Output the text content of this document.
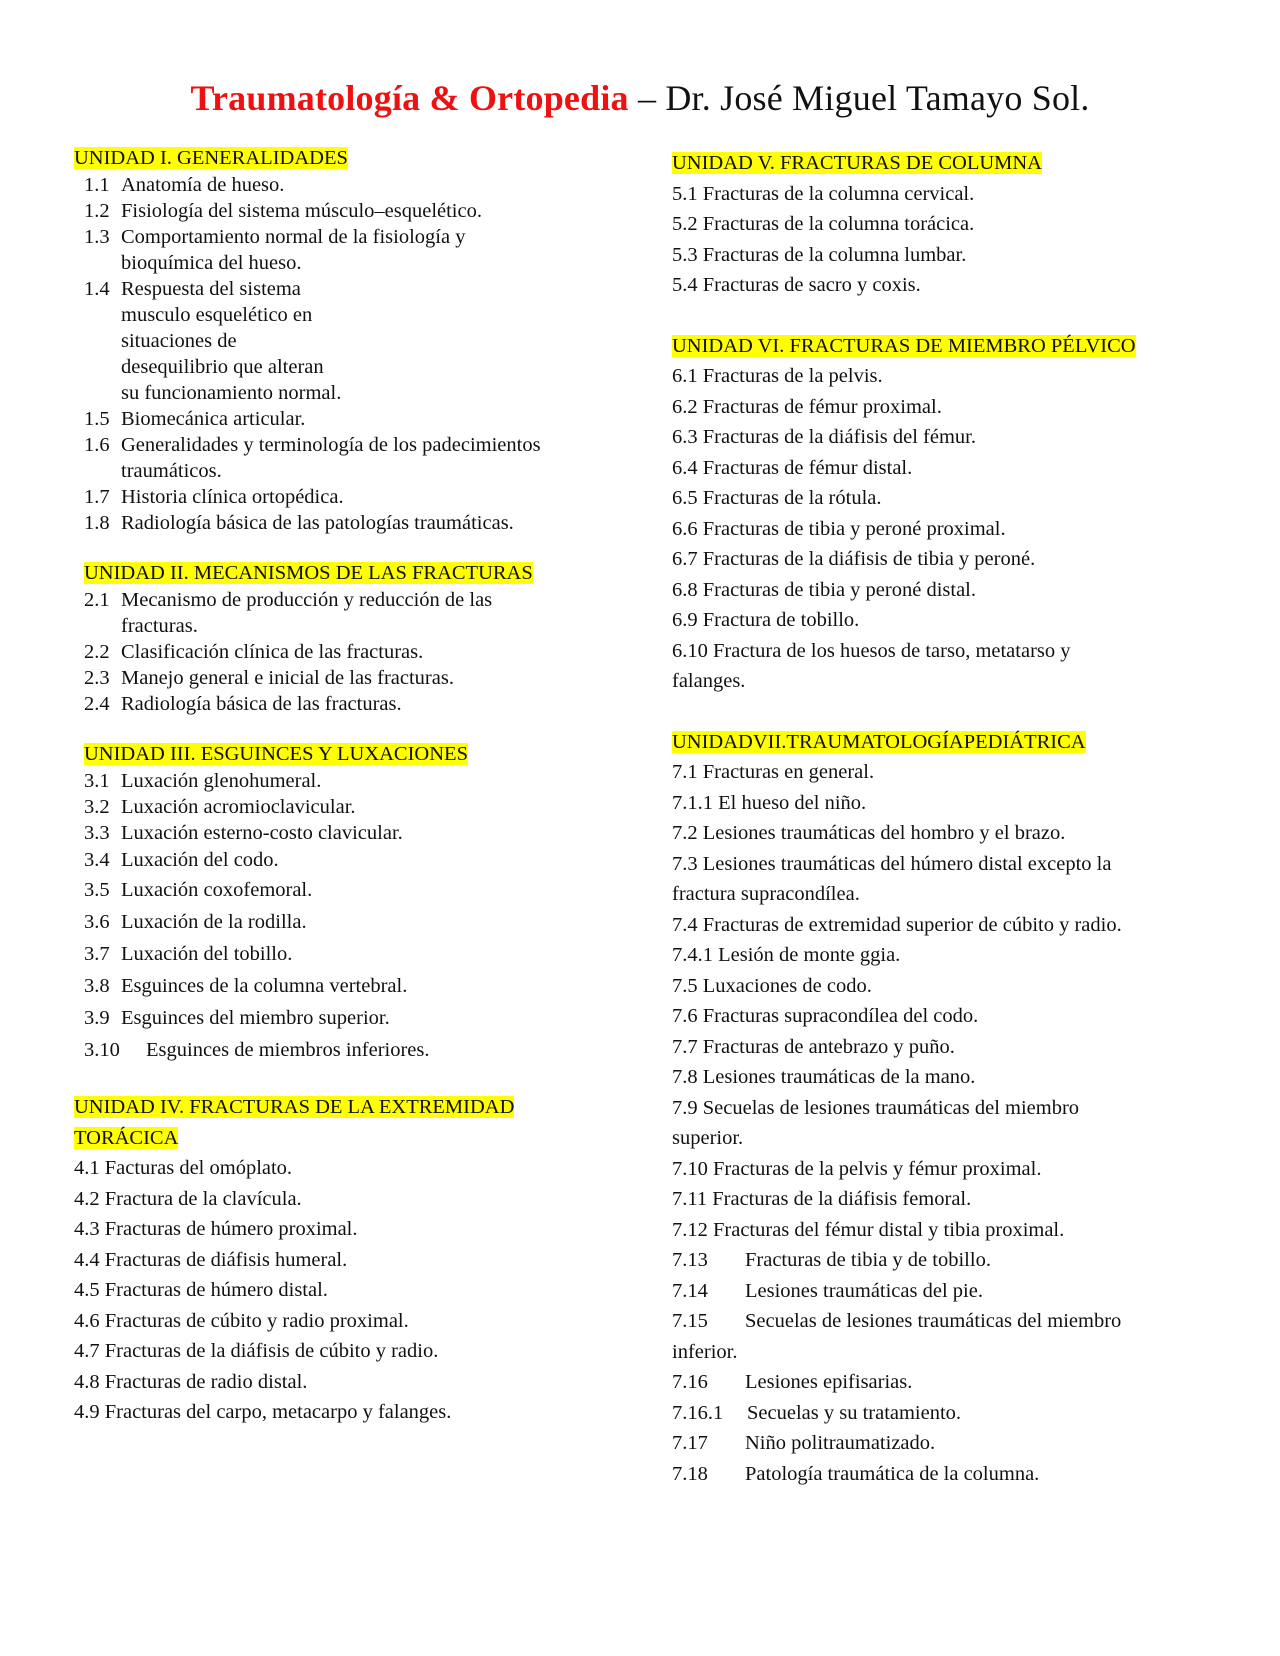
Traumatología & Ortopedia – Dr. José Miguel Tamayo Sol.
UNIDAD I. GENERALIDADES
1.1 Anatomía de hueso.
1.2 Fisiología del sistema músculo–esquelético.
1.3 Comportamiento normal de la fisiología y bioquímica del hueso.
1.4 Respuesta del sistema musculo esquelético en situaciones de desequilibrio que alteran su funcionamiento normal.
1.5 Biomecánica articular.
1.6 Generalidades y terminología de los padecimientos traumáticos.
1.7 Historia clínica ortopédica.
1.8 Radiología básica de las patologías traumáticas.
UNIDAD II. MECANISMOS DE LAS FRACTURAS
2.1 Mecanismo de producción y reducción de las fracturas.
2.2 Clasificación clínica de las fracturas.
2.3 Manejo general e inicial de las fracturas.
2.4 Radiología básica de las fracturas.
UNIDAD III. ESGUINCES Y LUXACIONES
3.1 Luxación glenohumeral.
3.2 Luxación acromioclavicular.
3.3 Luxación esterno-costo clavicular.
3.4 Luxación del codo.
3.5 Luxación coxofemoral.
3.6 Luxación de la rodilla.
3.7 Luxación del tobillo.
3.8 Esguinces de la columna vertebral.
3.9 Esguinces del miembro superior.
3.10	Esguinces de miembros inferiores.
UNIDAD IV. FRACTURAS DE LA EXTREMIDAD
TORÁCICA
4.1 Facturas del omóplato.
4.2 Fractura de la clavícula.
4.3 Fracturas de húmero proximal.
4.4 Fracturas de diáfisis humeral.
4.5 Fracturas de húmero distal.
4.6 Fracturas de cúbito y radio proximal.
4.7 Fracturas de la diáfisis de cúbito y radio.
4.8 Fracturas de radio distal.
4.9 Fracturas del carpo, metacarpo y falanges.
UNIDAD V. FRACTURAS DE COLUMNA
5.1 Fracturas de la columna cervical.
5.2 Fracturas de la columna torácica.
5.3 Fracturas de la columna lumbar.
5.4 Fracturas de sacro y coxis.
UNIDAD VI. FRACTURAS DE MIEMBRO PÉLVICO
6.1 Fracturas de la pelvis.
6.2 Fracturas de fémur proximal.
6.3 Fracturas de la diáfisis del fémur.
6.4 Fracturas de fémur distal.
6.5 Fracturas de la rótula.
6.6 Fracturas de tibia y peroné proximal.
6.7 Fracturas de la diáfisis de tibia y peroné.
6.8 Fracturas de tibia y peroné distal.
6.9 Fractura de tobillo.
6.10 Fractura de los huesos de tarso, metatarso y falanges.
UNIDADVII.TRAUMATOLOGÍAPEDIÁTRICA
7.1 Fracturas en general.
7.1.1 El hueso del niño.
7.2 Lesiones traumáticas del hombro y el brazo.
7.3 Lesiones traumáticas del húmero distal excepto la fractura supracondílea.
7.4 Fracturas de extremidad superior de cúbito y radio.
7.4.1 Lesión de monte ggia.
7.5 Luxaciones de codo.
7.6 Fracturas supracondílea del codo.
7.7 Fracturas de antebrazo y puño.
7.8 Lesiones traumáticas de la mano.
7.9 Secuelas de lesiones traumáticas del miembro superior.
7.10 Fracturas de la pelvis y fémur proximal.
7.11 Fracturas de la diáfisis femoral.
7.12 Fracturas del fémur distal y tibia proximal.
7.13 Fracturas de tibia y de tobillo.
7.14 Lesiones traumáticas del pie.
7.15 Secuelas de lesiones traumáticas del miembro inferior.
7.16 Lesiones epifisarias.
7.16.1 Secuelas y su tratamiento.
7.17 Niño politraumatizado.
7.18 Patología traumática de la columna.
